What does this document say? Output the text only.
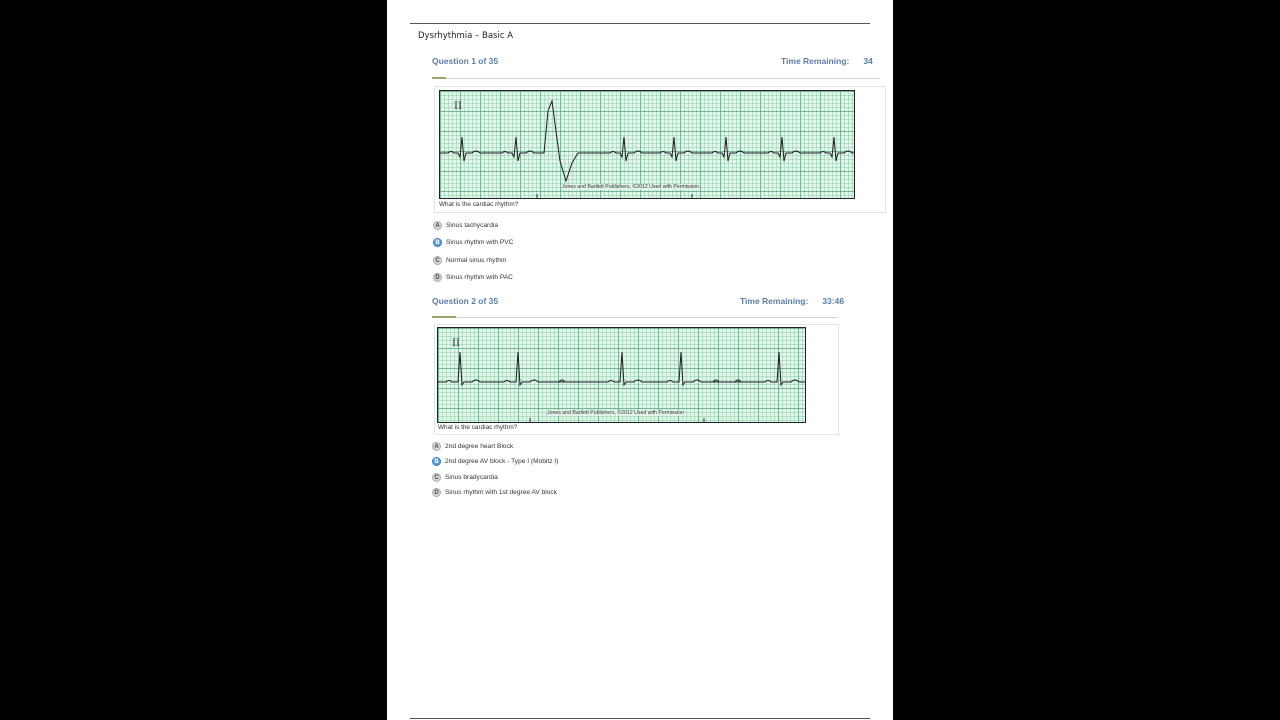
Dysrhythmia – Basic A
Question 1 of 35	Time Remaining: 34
II
Jones and Bartlett Publishers, ©2012 Used with Permission
What is the cardiac rhythm?
A Sinus tachycardia
B Sinus rhythm with PVC
C Normal sinus rhythm
D Sinus rhythm with PAC
Question 2 of 35	Time Remaining: 33:46
II
Jones and Bartlett Publishers, ©2012 Used with Permission
What is the cardiac rhythm?
A 2nd degree heart Block
B 2nd degree AV block - Type I (Mobitz I)
C Sinus bradycardia
D Sinus rhythm with 1st degree AV block
